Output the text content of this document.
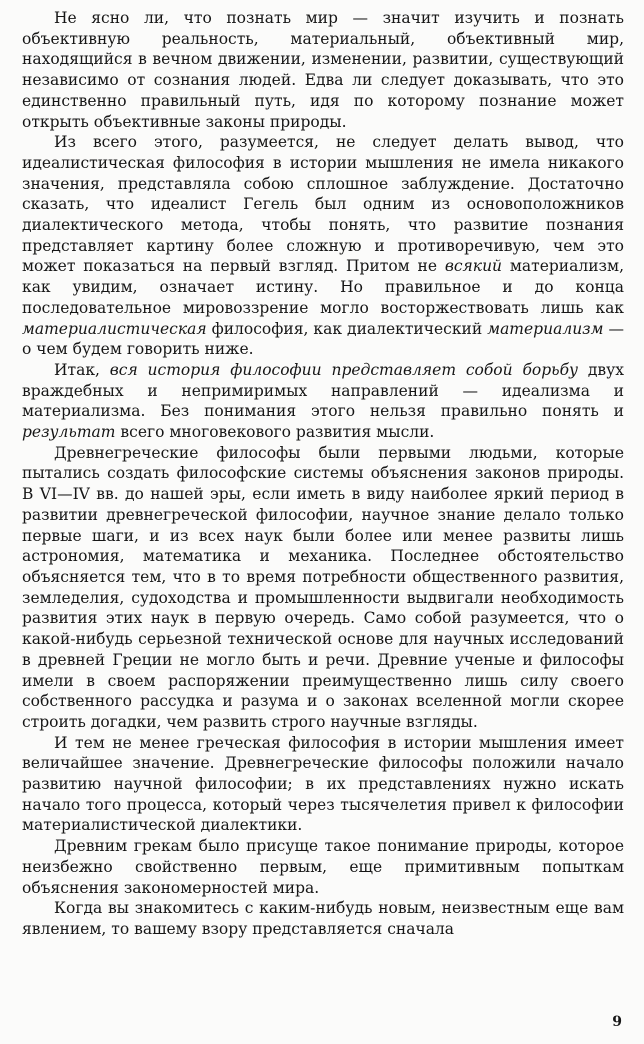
Не ясно ли, что познать мир — значит изучить и познать объективную реальность, материальный, объективный мир, находящийся в вечном движении, изменении, развитии, существующий независимо от сознания людей. Едва ли следует доказывать, что это единственно правильный путь, идя по которому познание может открыть объективные законы природы.

Из всего этого, разумеется, не следует делать вывод, что идеалистическая философия в истории мышления не имела никакого значения, представляла собою сплошное заблуждение. Достаточно сказать, что идеалист Гегель был одним из основоположников диалектического метода, чтобы понять, что развитие познания представляет картину более сложную и противоречивую, чем это может показаться на первый взгляд. Притом не всякий материализм, как увидим, означает истину. Но правильное и до конца последовательное мировоззрение могло восторжествовать лишь как материалистическая философия, как диалектический материализм — о чем будем говорить ниже.

Итак, вся история философии представляет собой борьбу двух враждебных и непримиримых направлений — идеализма и материализма. Без понимания этого нельзя правильно понять и результат всего многовекового развития мысли.

Древнегреческие философы были первыми людьми, которые пытались создать философские системы объяснения законов природы. В VI—IV вв. до нашей эры, если иметь в виду наиболее яркий период в развитии древнегреческой философии, научное знание делало только первые шаги, и из всех наук были более или менее развиты лишь астрономия, математика и механика. Последнее обстоятельство объясняется тем, что в то время потребности общественного развития, земледелия, судоходства и промышленности выдвигали необходимость развития этих наук в первую очередь. Само собой разумеется, что о какой-нибудь серьезной технической основе для научных исследований в древней Греции не могло быть и речи. Древние ученые и философы имели в своем распоряжении преимущественно лишь силу своего собственного рассудка и разума и о законах вселенной могли скорее строить догадки, чем развить строго научные взгляды.

И тем не менее греческая философия в истории мышления имеет величайшее значение. Древнегреческие философы положили начало развитию научной философии; в их представлениях нужно искать начало того процесса, который через тысячелетия привел к философии материалистической диалектики.

Древним грекам было присуще такое понимание природы, которое неизбежно свойственно первым, еще примитивным попыткам объяснения закономерностей мира.

Когда вы знакомитесь с каким-нибудь новым, неизвестным еще вам явлением, то вашему взору представляется сначала

9
